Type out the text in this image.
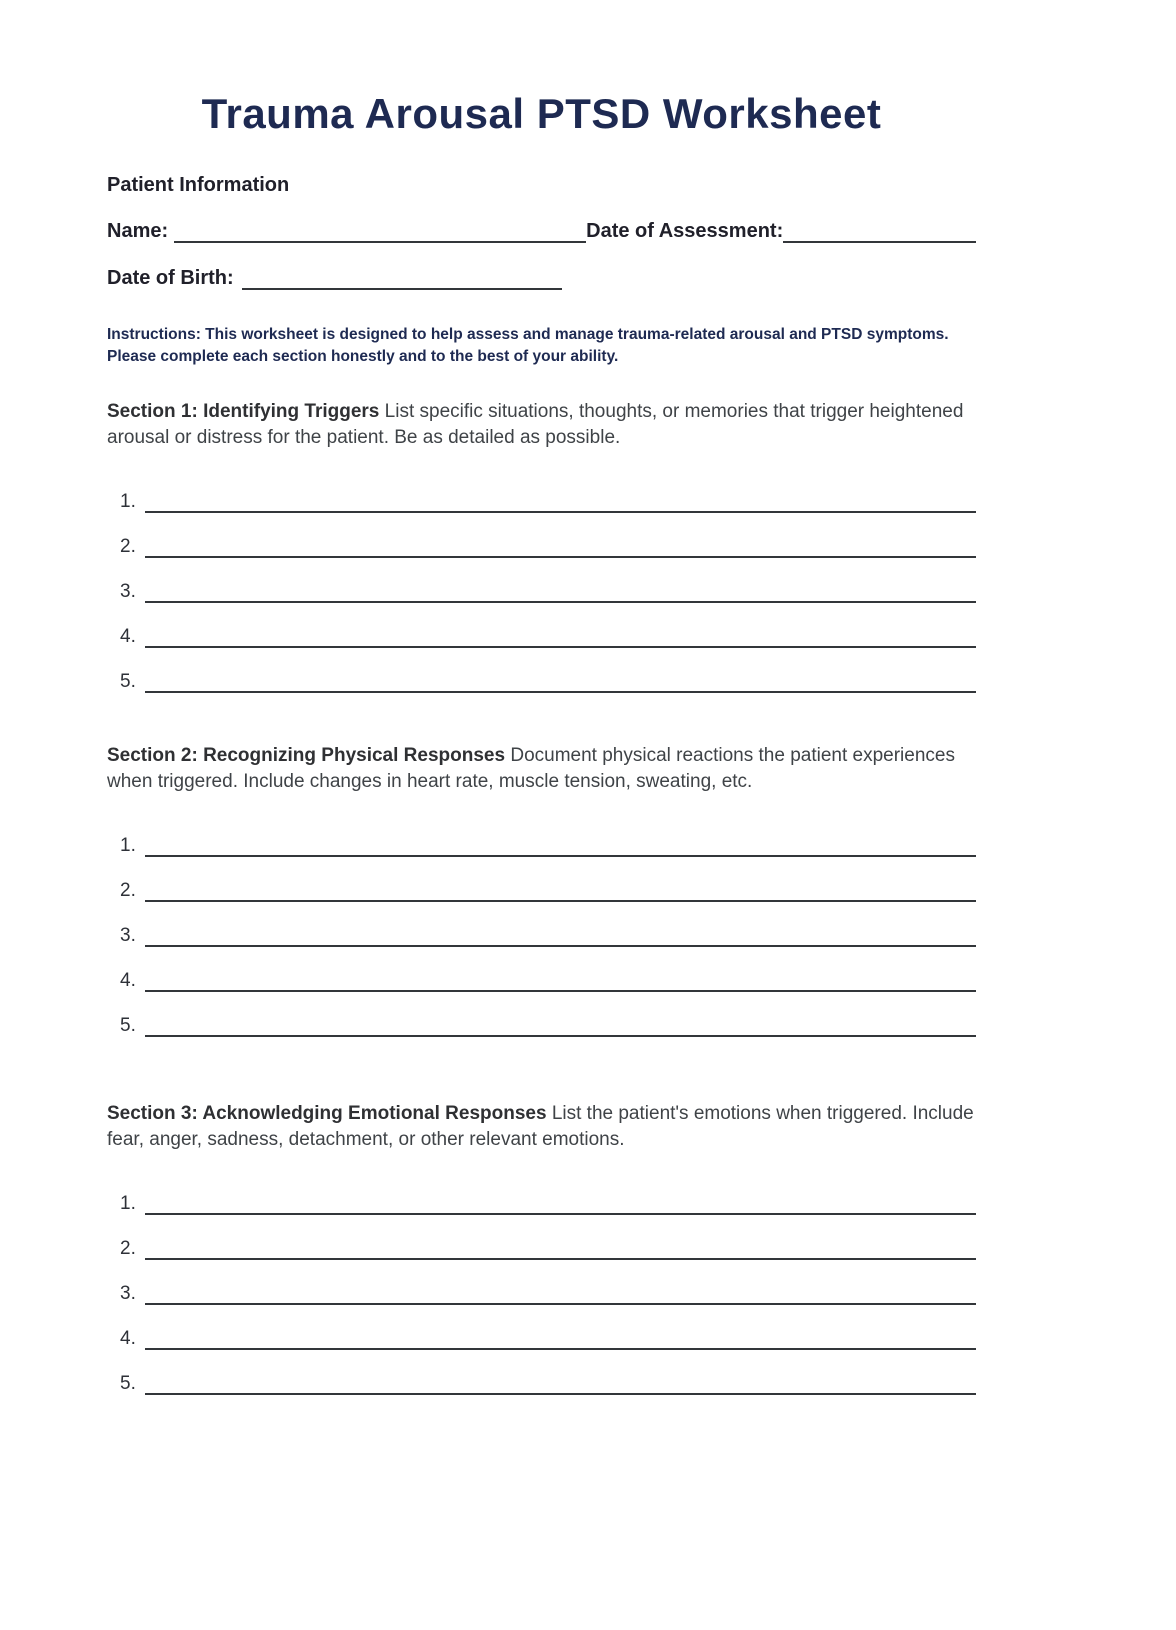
Trauma Arousal PTSD Worksheet

Patient Information

Name:	Date of Assessment:
Date of Birth:

Instructions: This worksheet is designed to help assess and manage trauma-related arousal and PTSD symptoms. Please complete each section honestly and to the best of your ability.

Section 1: Identifying Triggers List specific situations, thoughts, or memories that trigger heightened arousal or distress for the patient. Be as detailed as possible.

1.
2.
3.
4.
5.

Section 2: Recognizing Physical Responses Document physical reactions the patient experiences when triggered. Include changes in heart rate, muscle tension, sweating, etc.

1.
2.
3.
4.
5.

Section 3: Acknowledging Emotional Responses List the patient's emotions when triggered. Include fear, anger, sadness, detachment, or other relevant emotions.

1.
2.
3.
4.
5.
